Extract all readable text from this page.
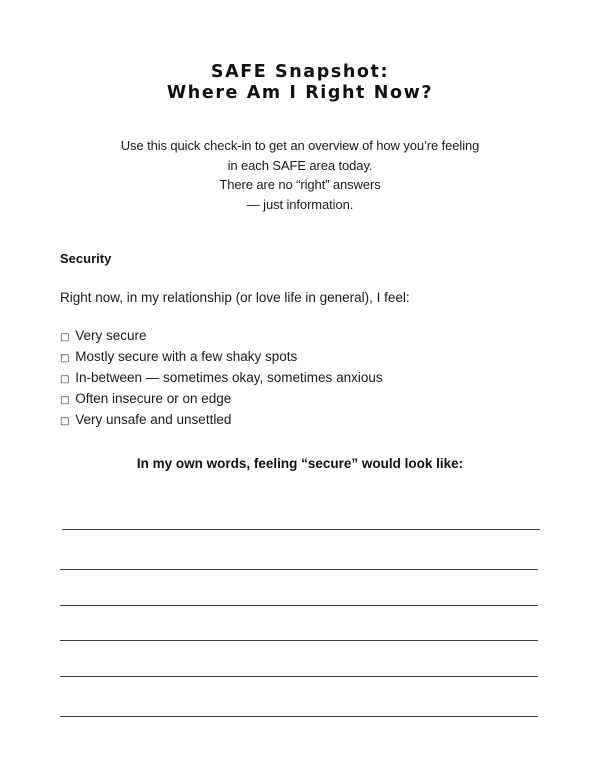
SAFE Snapshot:
Where Am I Right Now?
Use this quick check-in to get an overview of how you’re feeling
in each SAFE area today.
There are no “right” answers
— just information.
Security
Right now, in my relationship (or love life in general), I feel:
□ Very secure
□ Mostly secure with a few shaky spots
□ In-between — sometimes okay, sometimes anxious
□ Often insecure or on edge
□ Very unsafe and unsettled
In my own words, feeling “secure” would look like:
